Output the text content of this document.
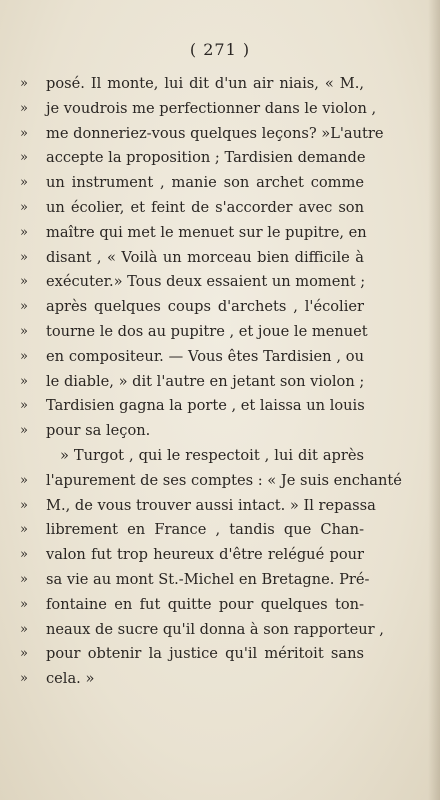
( 271 )
»	posé. Il monte, lui dit d'un air niais, « M.,
»	je voudrois me perfectionner dans le violon ,
»	me donneriez-vous quelques leçons? »L'autre
»	accepte la proposition ; Tardisien demande
»	un instrument , manie son archet comme
»	un écolier, et feint de s'accorder avec son
»	maître qui met le menuet sur le pupitre, en
»	disant , « Voilà un morceau bien difficile à
»	exécuter.» Tous deux essaient un moment ;
»	après quelques coups d'archets , l'écolier
»	tourne le dos au pupitre , et joue le menuet
»	en compositeur. — Vous êtes Tardisien , ou
»	le diable, » dit l'autre en jetant son violon ;
»	Tardisien gagna la porte , et laissa un louis
»	pour sa leçon.
» Turgot , qui le respectoit , lui dit après
»	l'apurement de ses comptes : « Je suis enchanté
»	M., de vous trouver aussi intact. » Il repassa
»	librement en France , tandis que Chan-
»	valon fut trop heureux d'être relégué pour
»	sa vie au mont St.-Michel en Bretagne. Pré-
»	fontaine en fut quitte pour quelques ton-
»	neaux de sucre qu'il donna à son rapporteur ,
»	pour obtenir la justice qu'il méritoit sans
»	cela. »
